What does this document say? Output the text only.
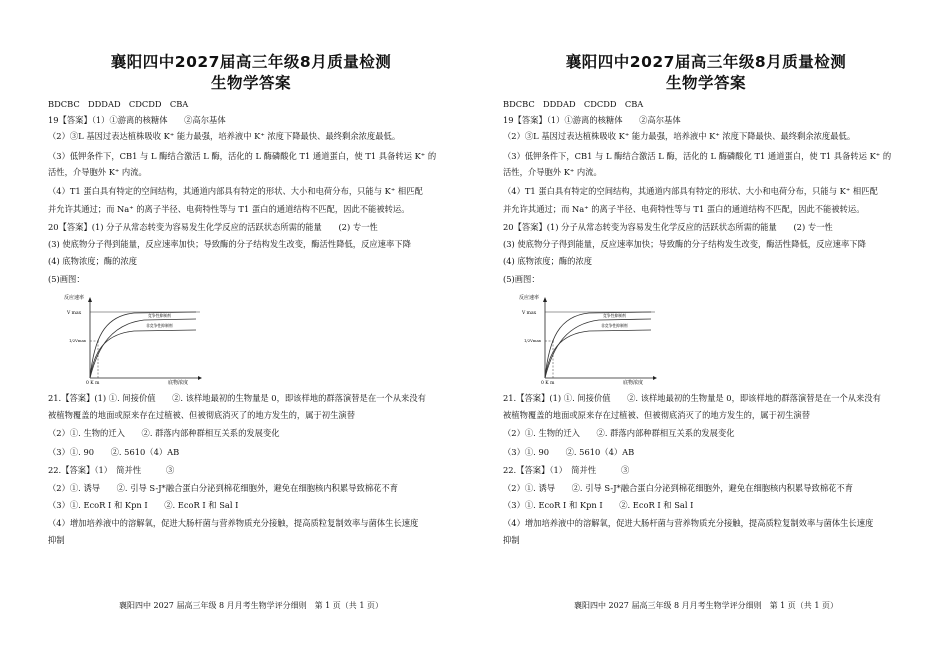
襄阳四中2027届高三年级8月质量检测
生物学答案
BDCBC　DDDAD　CDCDD　CBA
19【答案】（1）①游离的核糖体　　②高尔基体
（2）③L 基因过表达植株吸收 K⁺ 能力最强，培养液中 K⁺ 浓度下降最快、最终剩余浓度最低。
（3）低钾条件下，CB1 与 L 酶结合激活 L 酶，活化的 L 酶磷酸化 T1 通道蛋白，使 T1 具备转运 K⁺ 的
活性，介导胞外 K⁺ 内流。
（4）T1 蛋白具有特定的空间结构，其通道内部具有特定的形状、大小和电荷分布，只能与 K⁺ 相匹配
并允许其通过；而 Na⁺ 的离子半径、电荷特性等与 T1 蛋白的通道结构不匹配，因此不能被转运。
20【答案】(1) 分子从常态转变为容易发生化学反应的活跃状态所需的能量　　(2) 专一性
(3) 使底物分子得到能量，反应速率加快；导致酶的分子结构发生改变，酶活性降低，反应速率下降
(4) 底物浓度；酶的浓度
(5)画图：
反应速率
V max
1/2Vmax
0 K m	底物浓度
竞争性抑制剂
非竞争性抑制剂
21.【答案】(1) ①. 间接价值　　②. 该样地最初的生物量是 0，即该样地的群落演替是在一个从来没有
被植物覆盖的地面或原来存在过植被、但被彻底消灭了的地方发生的，属于初生演替
（2）①. 生物的迁入　　②. 群落内部种群相互关系的发展变化
（3）①. 90　　②. 5610（4）AB
22.【答案】（1）　简并性　　　③
（2）①. 诱导　　②. 引导 S-J*融合蛋白分泌到棉花细胞外，避免在细胞核内积累导致棉花不育
（3）①. EcoR I 和 Kpn I　　②. EcoR I 和 Sal I
（4）增加培养液中的溶解氧，促进大肠杆菌与营养物质充分接触，提高质粒复制效率与菌体生长速度
抑制
襄阳四中 2027 届高三年级 8 月月考生物学评分细则　第 1 页（共 1 页）
襄阳四中2027届高三年级8月质量检测
生物学答案
BDCBC　DDDAD　CDCDD　CBA
19【答案】（1）①游离的核糖体　　②高尔基体
（2）③L 基因过表达植株吸收 K⁺ 能力最强，培养液中 K⁺ 浓度下降最快、最终剩余浓度最低。
（3）低钾条件下，CB1 与 L 酶结合激活 L 酶，活化的 L 酶磷酸化 T1 通道蛋白，使 T1 具备转运 K⁺ 的
活性，介导胞外 K⁺ 内流。
（4）T1 蛋白具有特定的空间结构，其通道内部具有特定的形状、大小和电荷分布，只能与 K⁺ 相匹配
并允许其通过；而 Na⁺ 的离子半径、电荷特性等与 T1 蛋白的通道结构不匹配，因此不能被转运。
20【答案】(1) 分子从常态转变为容易发生化学反应的活跃状态所需的能量　　(2) 专一性
(3) 使底物分子得到能量，反应速率加快；导致酶的分子结构发生改变，酶活性降低，反应速率下降
(4) 底物浓度；酶的浓度
(5)画图：
反应速率
V max
1/2Vmax
0 K m	底物浓度
竞争性抑制剂
非竞争性抑制剂
21.【答案】(1) ①. 间接价值　　②. 该样地最初的生物量是 0，即该样地的群落演替是在一个从来没有
被植物覆盖的地面或原来存在过植被、但被彻底消灭了的地方发生的，属于初生演替
（2）①. 生物的迁入　　②. 群落内部种群相互关系的发展变化
（3）①. 90　　②. 5610（4）AB
22.【答案】（1）　简并性　　　③
（2）①. 诱导　　②. 引导 S-J*融合蛋白分泌到棉花细胞外，避免在细胞核内积累导致棉花不育
（3）①. EcoR I 和 Kpn I　　②. EcoR I 和 Sal I
（4）增加培养液中的溶解氧，促进大肠杆菌与营养物质充分接触，提高质粒复制效率与菌体生长速度
抑制
襄阳四中 2027 届高三年级 8 月月考生物学评分细则　第 1 页（共 1 页）
